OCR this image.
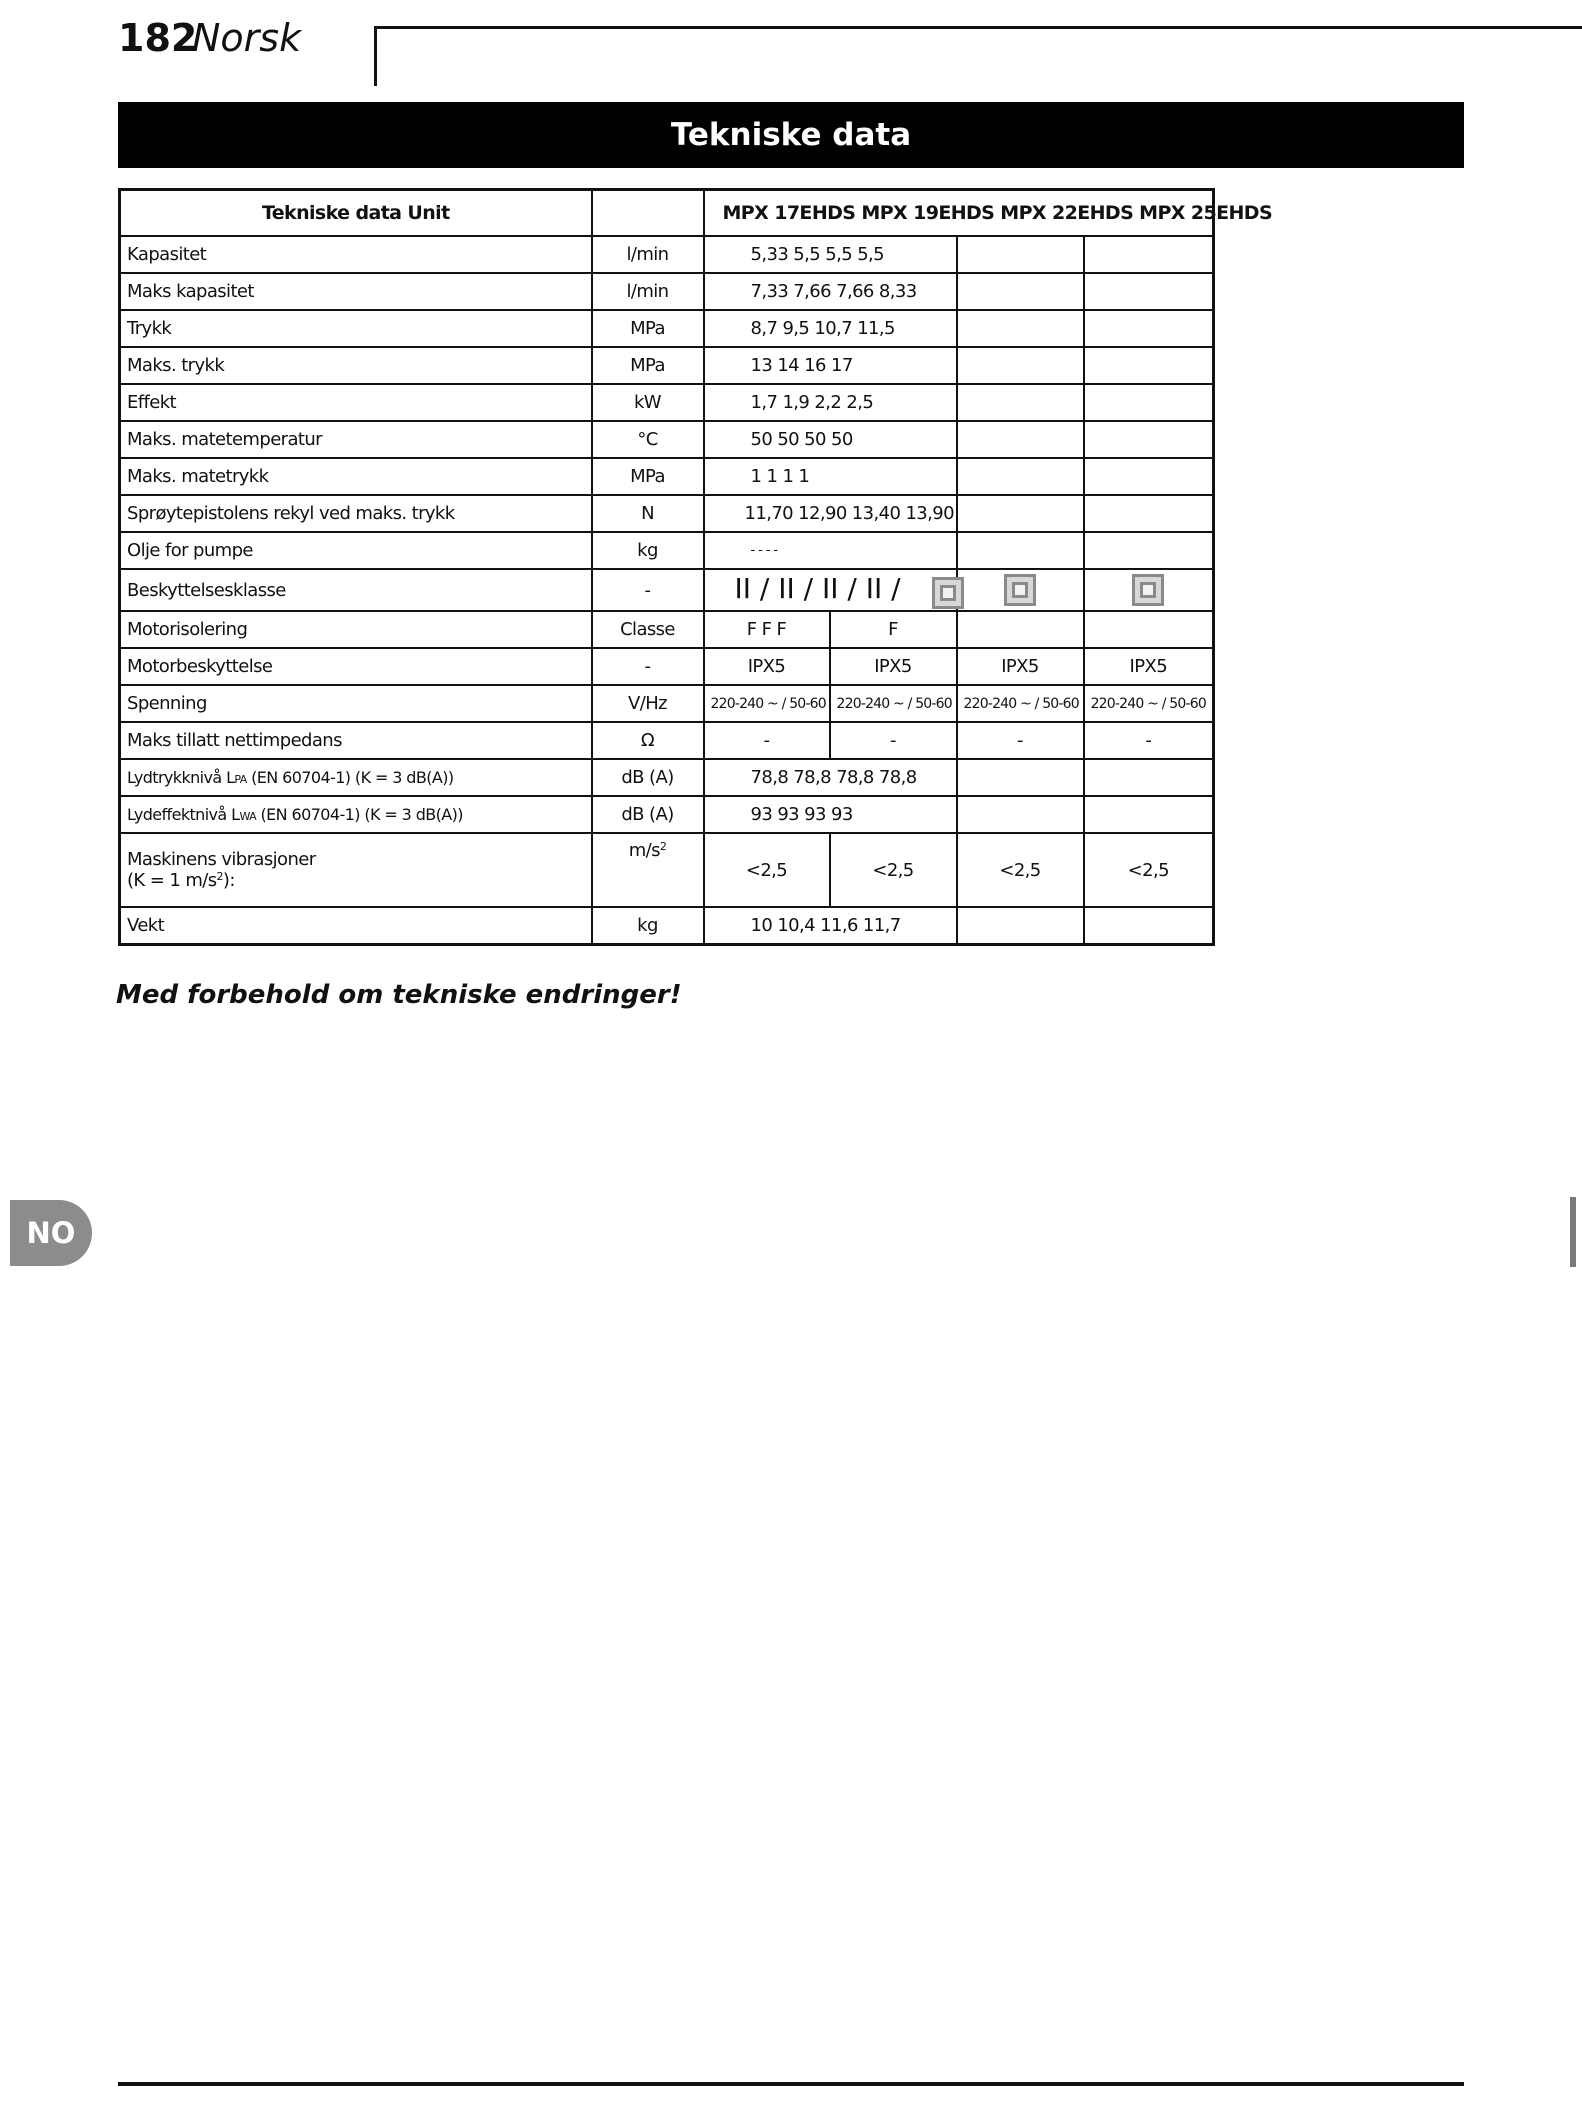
182
Norsk
Tekniske data
Tekniske data Unit		MPX 17EHDS MPX 19EHDS MPX 22EHDS MPX 25EHDS			
Kapasitet	l/min	5,33 5,5 5,5 5,5			
Maks kapasitet	l/min	7,33 7,66 7,66 8,33			
Trykk	MPa	8,7 9,5 10,7 11,5			
Maks. trykk	MPa	13 14 16 17			
Effekt	kW	1,7 1,9 2,2 2,5			
Maks. matetemperatur	°C	50 50 50 50			
Maks. matetrykk	MPa	1 1 1 1			
Sprøytepistolens rekyl ved maks. trykk	N	11,70 12,90 13,40 13,90			
Olje for pumpe	kg	- - - -			
Beskyttelsesklasse	-	II / II / II / II /			
Motorisolering	Classe	F F F	F		
Motorbeskyttelse	-	IPX5	IPX5	IPX5	IPX5
Spenning	V/Hz	220-240 ~ / 50-60	220-240 ~ / 50-60	220-240 ~ / 50-60	220-240 ~ / 50-60
Maks tillatt nettimpedans	Ω	-	-	-	-
Lydtrykknivå LPA (EN 60704-1) (K = 3 dB(A))	dB (A)	78,8 78,8 78,8 78,8			
Lydeffektnivå LWA (EN 60704-1) (K = 3 dB(A))	dB (A)	93 93 93 93			

Maskinens vibrasjoner
(K = 1 $m/s^2$):	$m/s^2$	<2,5	<2,5	<2,5	<2,5
Vekt	kg	10 10,4 11,6 11,7			
Med forbehold om tekniske endringer!
NO
